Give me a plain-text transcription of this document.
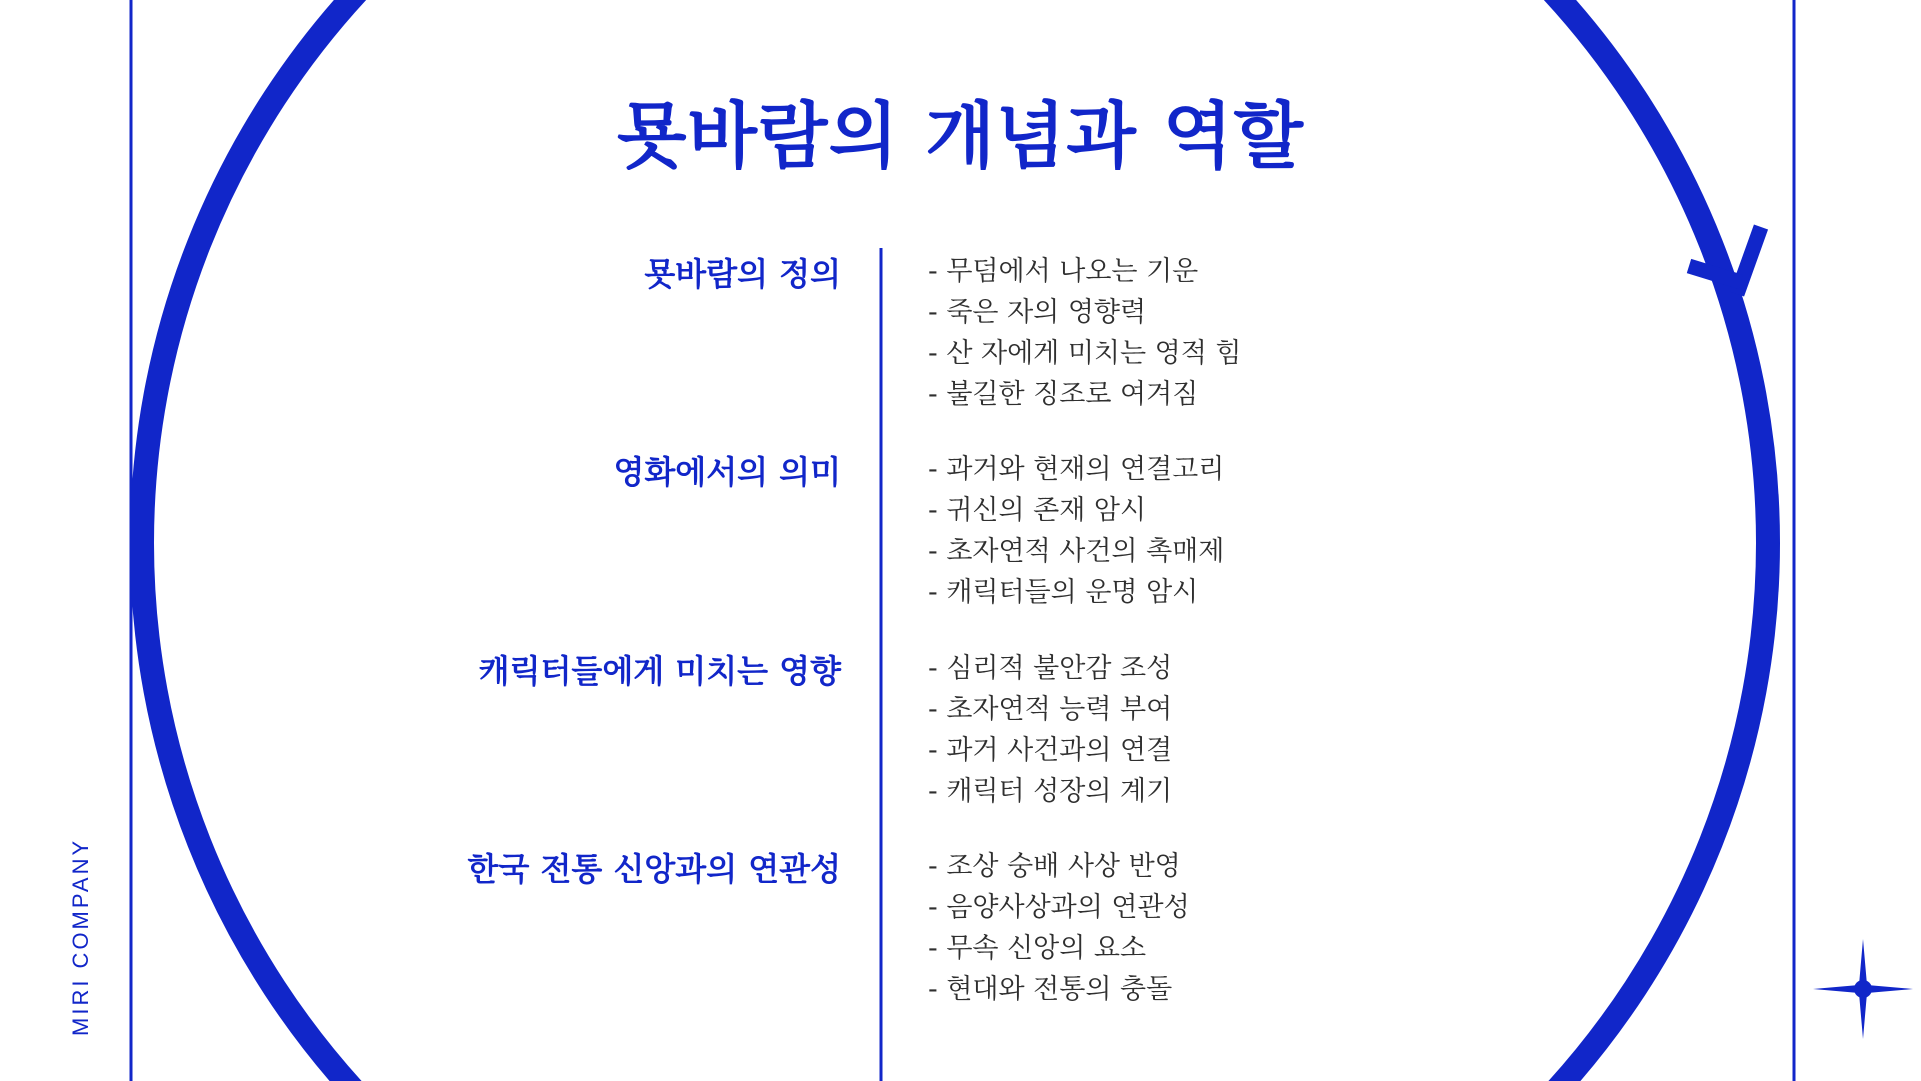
묫바람의 개념과 역할
MIRI COMPANY
묫바람의 정의	- 무덤에서 나오는 기운
- 죽은 자의 영향력
- 산 자에게 미치는 영적 힘
- 불길한 징조로 여겨짐
영화에서의 의미	- 과거와 현재의 연결고리
- 귀신의 존재 암시
- 초자연적 사건의 촉매제
- 캐릭터들의 운명 암시
캐릭터들에게 미치는 영향	- 심리적 불안감 조성
- 초자연적 능력 부여
- 과거 사건과의 연결
- 캐릭터 성장의 계기
한국 전통 신앙과의 연관성	- 조상 숭배 사상 반영
- 음양사상과의 연관성
- 무속 신앙의 요소
- 현대와 전통의 충돌
